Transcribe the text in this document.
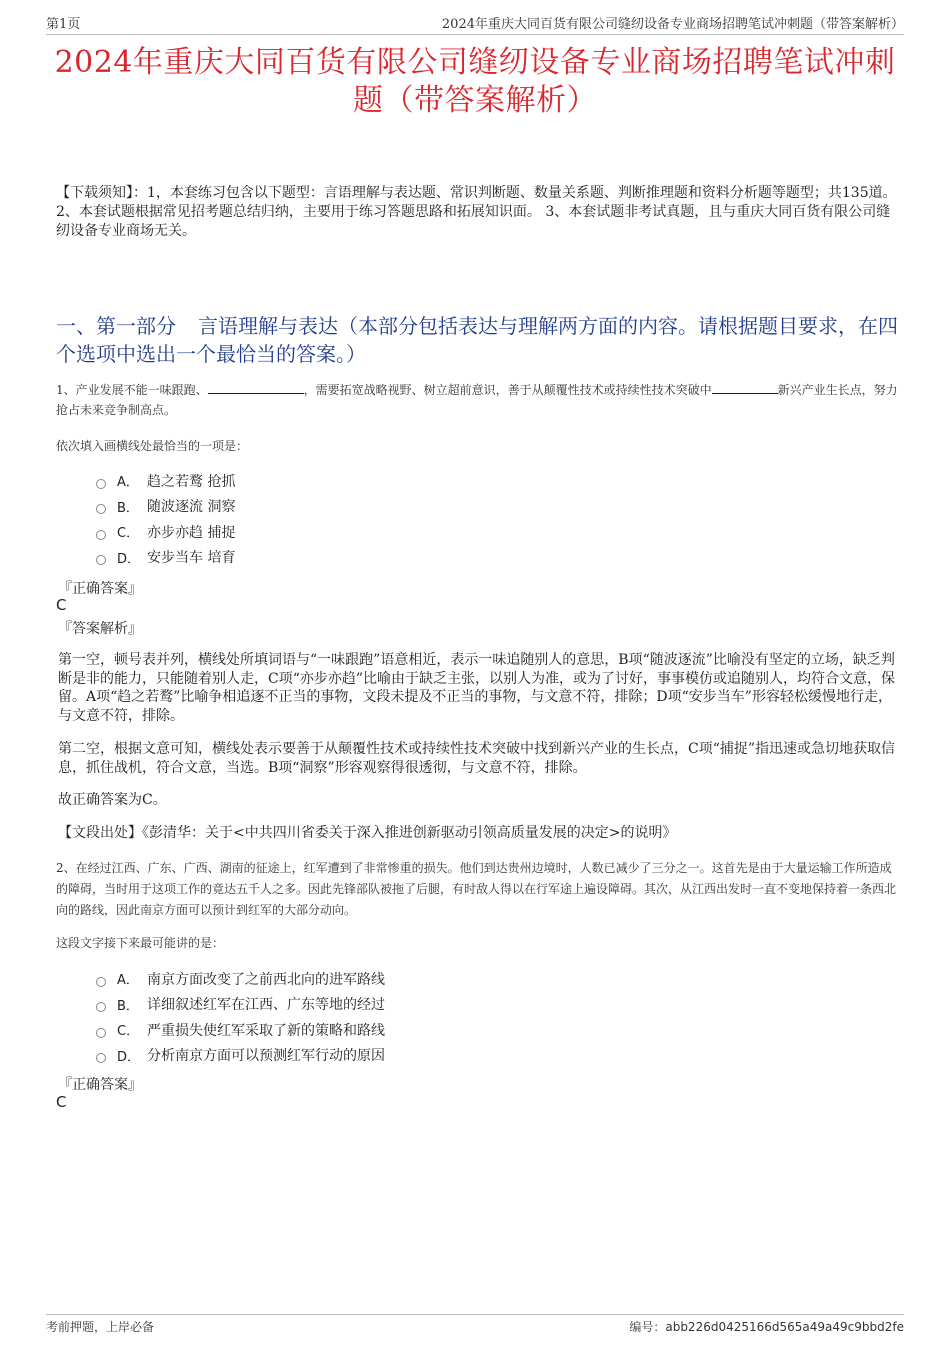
第1页	2024年重庆大同百货有限公司缝纫设备专业商场招聘笔试冲刺题（带答案解析）
2024年重庆大同百货有限公司缝纫设备专业商场招聘笔试冲刺题（带答案解析）
【下载须知】：1，本套练习包含以下题型：言语理解与表达题、常识判断题、数量关系题、判断推理题和资料分析题等题型；共135道。 2、本套试题根据常见招考题总结归纳，主要用于练习答题思路和拓展知识面。 3、本套试题非考试真题，且与重庆大同百货有限公司缝纫设备专业商场无关。
一、第一部分 言语理解与表达（本部分包括表达与理解两方面的内容。请根据题目要求，在四个选项中选出一个最恰当的答案。）
1、产业发展不能一味跟跑、	，需要拓宽战略视野、树立超前意识，善于从颠覆性技术或持续性技术突破中	新兴产业生长点，努力抢占未来竞争制高点。
依次填入画横线处最恰当的一项是：
A． 趋之若鹜 抢抓
B． 随波逐流 洞察
C． 亦步亦趋 捕捉
D． 安步当车 培育
『正确答案』
C
『答案解析』
第一空，顿号表并列，横线处所填词语与“一味跟跑”语意相近，表示一味追随别人的意思，B项“随波逐流”比喻没有坚定的立场，缺乏判断是非的能力，只能随着别人走，C项“亦步亦趋”比喻由于缺乏主张，以别人为准，或为了讨好，事事模仿或追随别人，均符合文意，保留。A项“趋之若鹜”比喻争相追逐不正当的事物，文段未提及不正当的事物，与文意不符，排除；D项“安步当车”形容轻松缓慢地行走，与文意不符，排除。
第二空，根据文意可知，横线处表示要善于从颠覆性技术或持续性技术突破中找到新兴产业的生长点，C项“捕捉”指迅速或急切地获取信息，抓住战机，符合文意，当选。B项“洞察”形容观察得很透彻，与文意不符，排除。
故正确答案为C。
【文段出处】《彭清华：关于<中共四川省委关于深入推进创新驱动引领高质量发展的决定>的说明》
2、在经过江西、广东、广西、湖南的征途上，红军遭到了非常惨重的损失。他们到达贵州边境时，人数已减少了三分之一。这首先是由于大量运输工作所造成的障碍，当时用于这项工作的竟达五千人之多。因此先锋部队被拖了后腿，有时敌人得以在行军途上遍设障碍。其次，从江西出发时一直不变地保持着一条西北向的路线，因此南京方面可以预计到红军的大部分动向。
这段文字接下来最可能讲的是：
A． 南京方面改变了之前西北向的进军路线
B． 详细叙述红军在江西、广东等地的经过
C． 严重损失使红军采取了新的策略和路线
D． 分析南京方面可以预测红军行动的原因
『正确答案』
C
考前押题，上岸必备	编号：abb226d0425166d565a49a49c9bbd2fe
